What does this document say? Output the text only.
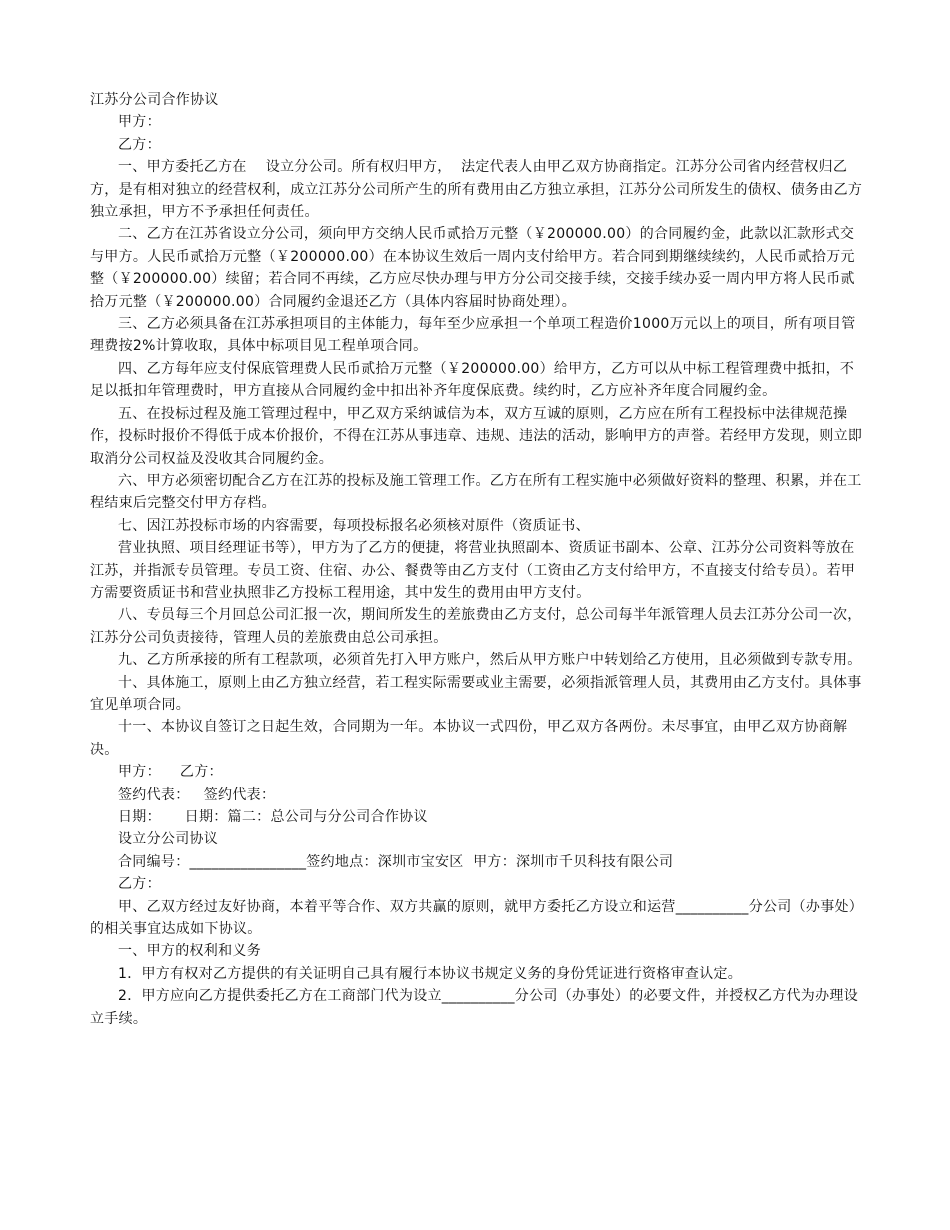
江苏分公司合作协议

甲方：

乙方：

一、甲方委托乙方在    设立分公司。所有权归甲方，  法定代表人由甲乙双方协商指定。江苏分公司省内经营权归乙方，是有相对独立的经营权利，成立江苏分公司所产生的所有费用由乙方独立承担，江苏分公司所发生的债权、债务由乙方独立承担，甲方不予承担任何责任。

二、乙方在江苏省设立分公司，须向甲方交纳人民币贰拾万元整（￥200000.00）的合同履约金，此款以汇款形式交与甲方。人民币贰拾万元整（￥200000.00）在本协议生效后一周内支付给甲方。若合同到期继续续约，人民币贰拾万元整（￥200000.00）续留；若合同不再续，乙方应尽快办理与甲方分公司交接手续，交接手续办妥一周内甲方将人民币贰拾万元整（￥200000.00）合同履约金退还乙方（具体内容届时协商处理）。

三、乙方必须具备在江苏承担项目的主体能力，每年至少应承担一个单项工程造价1000万元以上的项目，所有项目管理费按2%计算收取，具体中标项目见工程单项合同。

四、乙方每年应支付保底管理费人民币贰拾万元整（￥200000.00）给甲方，乙方可以从中标工程管理费中抵扣，不足以抵扣年管理费时，甲方直接从合同履约金中扣出补齐年度保底费。续约时，乙方应补齐年度合同履约金。

五、在投标过程及施工管理过程中，甲乙双方采纳诚信为本，双方互诚的原则，乙方应在所有工程投标中法律规范操作，投标时报价不得低于成本价报价，不得在江苏从事违章、违规、违法的活动，影响甲方的声誉。若经甲方发现，则立即取消分公司权益及没收其合同履约金。

六、甲方必须密切配合乙方在江苏的投标及施工管理工作。乙方在所有工程实施中必须做好资料的整理、积累，并在工程结束后完整交付甲方存档。

七、因江苏投标市场的内容需要，每项投标报名必须核对原件（资质证书、

营业执照、项目经理证书等），甲方为了乙方的便捷，将营业执照副本、资质证书副本、公章、江苏分公司资料等放在江苏，并指派专员管理。专员工资、住宿、办公、餐费等由乙方支付（工资由乙方支付给甲方，不直接支付给专员）。若甲方需要资质证书和营业执照非乙方投标工程用途，其中发生的费用由甲方支付。

八、专员每三个月回总公司汇报一次，期间所发生的差旅费由乙方支付，总公司每半年派管理人员去江苏分公司一次，江苏分公司负责接待，管理人员的差旅费由总公司承担。

九、乙方所承接的所有工程款项，必须首先打入甲方账户，然后从甲方账户中转划给乙方使用，且必须做到专款专用。

十、具体施工，原则上由乙方独立经营，若工程实际需要或业主需要，必须指派管理人员，其费用由乙方支付。具体事宜见单项合同。

十一、本协议自签订之日起生效，合同期为一年。本协议一式四份，甲乙双方各两份。未尽事宜，由甲乙双方协商解决。

甲方：    乙方：

签约代表：   签约代表：

日期：     日期：篇二：总公司与分公司合作协议

设立分公司协议

合同编号：________________签约地点：深圳市宝安区  甲方：深圳市千贝科技有限公司

乙方：

甲、乙双方经过友好协商，本着平等合作、双方共赢的原则，就甲方委托乙方设立和运营__________分公司（办事处）的相关事宜达成如下协议。

一、甲方的权利和义务

1．甲方有权对乙方提供的有关证明自己具有履行本协议书规定义务的身份凭证进行资格审查认定。

2．甲方应向乙方提供委托乙方在工商部门代为设立__________分公司（办事处）的必要文件，并授权乙方代为办理设立手续。
